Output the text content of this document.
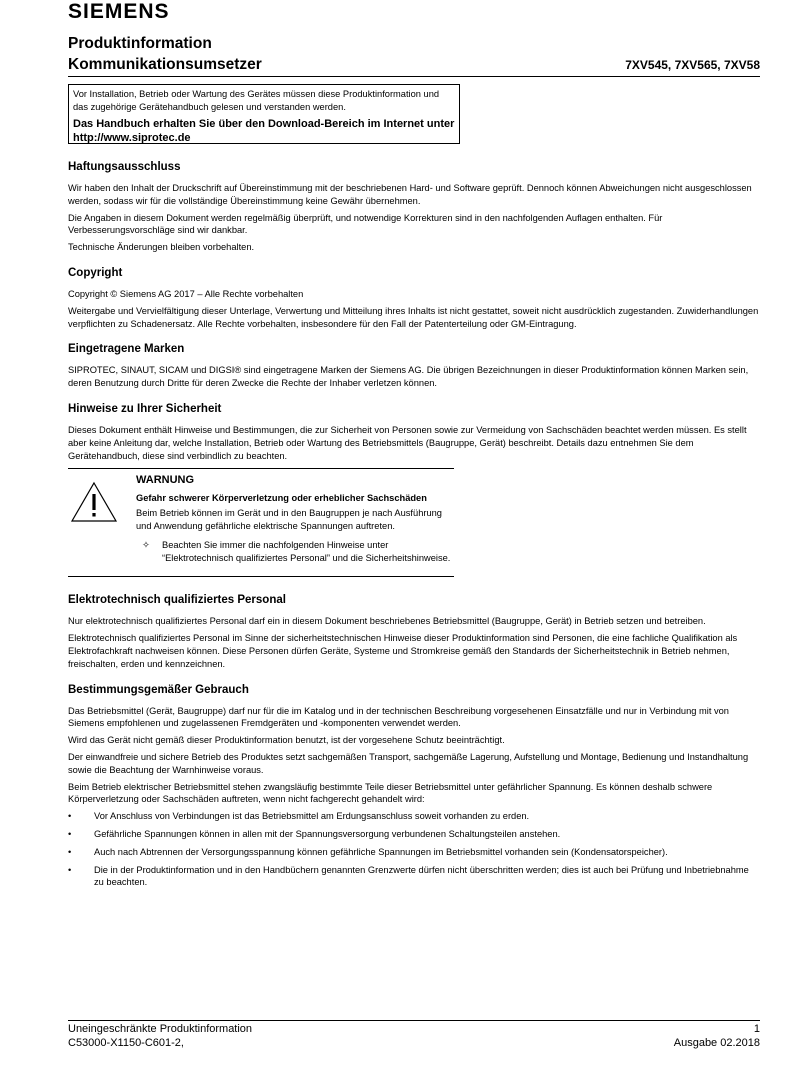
SIEMENS
Produktinformation
Kommunikationsumsetzer	7XV545, 7XV565, 7XV58
Vor Installation, Betrieb oder Wartung des Gerätes müssen diese Produktinformation und das zugehörige Gerätehandbuch gelesen und verstanden werden.
Das Handbuch erhalten Sie über den Download-Bereich im Internet unter http://www.siprotec.de
Haftungsausschluss

Wir haben den Inhalt der Druckschrift auf Übereinstimmung mit der beschriebenen Hard- und Software geprüft. Dennoch können Abweichungen nicht ausgeschlossen werden, sodass wir für die vollständige Übereinstimmung keine Gewähr übernehmen.

Die Angaben in diesem Dokument werden regelmäßig überprüft, und notwendige Korrekturen sind in den nachfolgenden Auflagen enthalten. Für Verbesserungsvorschläge sind wir dankbar.

Technische Änderungen bleiben vorbehalten.

Copyright

Copyright © Siemens AG 2017 – Alle Rechte vorbehalten

Weitergabe und Vervielfältigung dieser Unterlage, Verwertung und Mitteilung ihres Inhalts ist nicht gestattet, soweit nicht ausdrücklich zugestanden. Zuwiderhandlungen verpflichten zu Schadenersatz. Alle Rechte vorbehalten, insbesondere für den Fall der Patenterteilung oder GM-Eintragung.

Eingetragene Marken

SIPROTEC, SINAUT, SICAM und DIGSI® sind eingetragene Marken der Siemens AG. Die übrigen Bezeichnungen in dieser Produktinformation können Marken sein, deren Benutzung durch Dritte für deren Zwecke die Rechte der Inhaber verletzen können.

Hinweise zu Ihrer Sicherheit

Dieses Dokument enthält Hinweise und Bestimmungen, die zur Sicherheit von Personen sowie zur Vermeidung von Sachschäden beachtet werden müssen. Es stellt aber keine Anleitung dar, welche Installation, Betrieb oder Wartung des Betriebsmittels (Baugruppe, Gerät) beschreibt. Details dazu entnehmen Sie dem Gerätehandbuch, diese sind verbindlich zu beachten.

WARNUNG
Gefahr schwerer Körperverletzung oder erheblicher Sachschäden
Beim Betrieb können im Gerät und in den Baugruppen je nach Ausführung und Anwendung gefährliche elektrische Spannungen auftreten.
✧ Beachten Sie immer die nachfolgenden Hinweise unter “Elektrotechnisch qualifiziertes Personal” und die Sicherheitshinweise.
Elektrotechnisch qualifiziertes Personal

Nur elektrotechnisch qualifiziertes Personal darf ein in diesem Dokument beschriebenes Betriebsmittel (Baugruppe, Gerät) in Betrieb setzen und betreiben.

Elektrotechnisch qualifiziertes Personal im Sinne der sicherheitstechnischen Hinweise dieser Produktinformation sind Personen, die eine fachliche Qualifikation als Elektrofachkraft nachweisen können. Diese Personen dürfen Geräte, Systeme und Stromkreise gemäß den Standards der Sicherheitstechnik in Betrieb nehmen, freischalten, erden und kennzeichnen.

Bestimmungsgemäßer Gebrauch

Das Betriebsmittel (Gerät, Baugruppe) darf nur für die im Katalog und in der technischen Beschreibung vorgesehenen Einsatzfälle und nur in Verbindung mit von Siemens empfohlenen und zugelassenen Fremdgeräten und -komponenten verwendet werden.

Wird das Gerät nicht gemäß dieser Produktinformation benutzt, ist der vorgesehene Schutz beeinträchtigt.

Der einwandfreie und sichere Betrieb des Produktes setzt sachgemäßen Transport, sachgemäße Lagerung, Aufstellung und Montage, Bedienung und Instandhaltung sowie die Beachtung der Warnhinweise voraus.

Beim Betrieb elektrischer Betriebsmittel stehen zwangsläufig bestimmte Teile dieser Betriebsmittel unter gefährlicher Spannung. Es können deshalb schwere Körperverletzung oder Sachschäden auftreten, wenn nicht fachgerecht gehandelt wird:

• Vor Anschluss von Verbindungen ist das Betriebsmittel am Erdungsanschluss soweit vorhanden zu erden.
• Gefährliche Spannungen können in allen mit der Spannungsversorgung verbundenen Schaltungsteilen anstehen.
• Auch nach Abtrennen der Versorgungsspannung können gefährliche Spannungen im Betriebsmittel vorhanden sein (Kondensatorspeicher).
• Die in der Produktinformation und in den Handbüchern genannten Grenzwerte dürfen nicht überschritten werden; dies ist auch bei Prüfung und Inbetriebnahme zu beachten.
Uneingeschränkte Produktinformation
C53000-X1150-C601-2,
1
Ausgabe 02.2018
